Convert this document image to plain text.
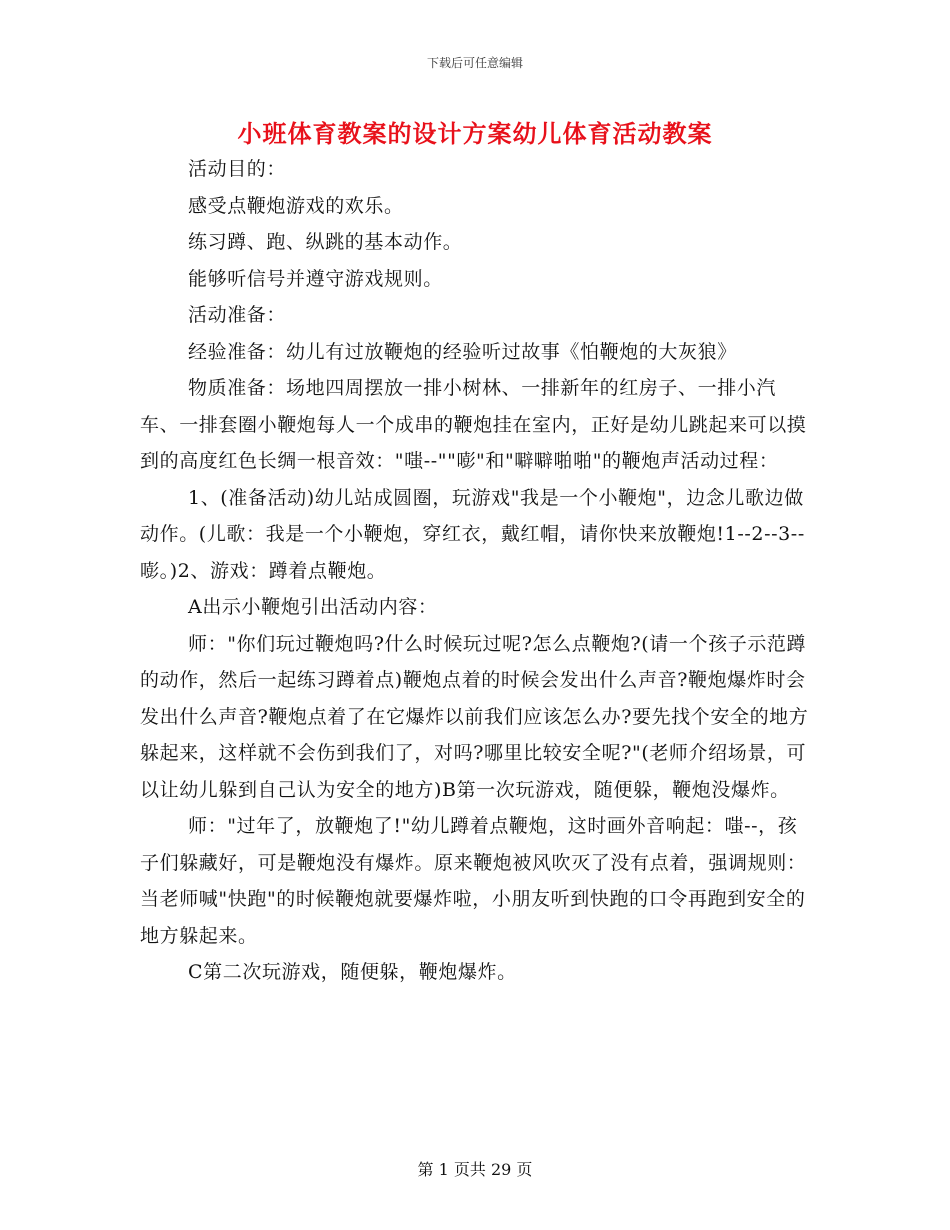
下载后可任意编辑
小班体育教案的设计方案幼儿体育活动教案

活动目的：

感受点鞭炮游戏的欢乐。

练习蹲、跑、纵跳的基本动作。

能够听信号并遵守游戏规则。

活动准备：

经验准备：幼儿有过放鞭炮的经验听过故事《怕鞭炮的大灰狼》

物质准备：场地四周摆放一排小树林、一排新年的红房子、一排小汽车、一排套圈小鞭炮每人一个成串的鞭炮挂在室内，正好是幼儿跳起来可以摸到的高度红色长绸一根音效："嗤--""嘭"和"噼噼啪啪"的鞭炮声活动过程：

1、(准备活动)幼儿站成圆圈，玩游戏"我是一个小鞭炮"，边念儿歌边做动作。(儿歌：我是一个小鞭炮，穿红衣，戴红帽，请你快来放鞭炮!1--2--3--嘭。)2、游戏：蹲着点鞭炮。

A出示小鞭炮引出活动内容：

师："你们玩过鞭炮吗?什么时候玩过呢?怎么点鞭炮?(请一个孩子示范蹲的动作，然后一起练习蹲着点)鞭炮点着的时候会发出什么声音?鞭炮爆炸时会发出什么声音?鞭炮点着了在它爆炸以前我们应该怎么办?要先找个安全的地方躲起来，这样就不会伤到我们了，对吗?哪里比较安全呢?"(老师介绍场景，可以让幼儿躲到自己认为安全的地方)B第一次玩游戏，随便躲，鞭炮没爆炸。

师："过年了，放鞭炮了!"幼儿蹲着点鞭炮，这时画外音响起：嗤--，孩子们躲藏好，可是鞭炮没有爆炸。原来鞭炮被风吹灭了没有点着，强调规则：当老师喊"快跑"的时候鞭炮就要爆炸啦，小朋友听到快跑的口令再跑到安全的地方躲起来。

C第二次玩游戏，随便躲，鞭炮爆炸。

第 1 页共 29 页
